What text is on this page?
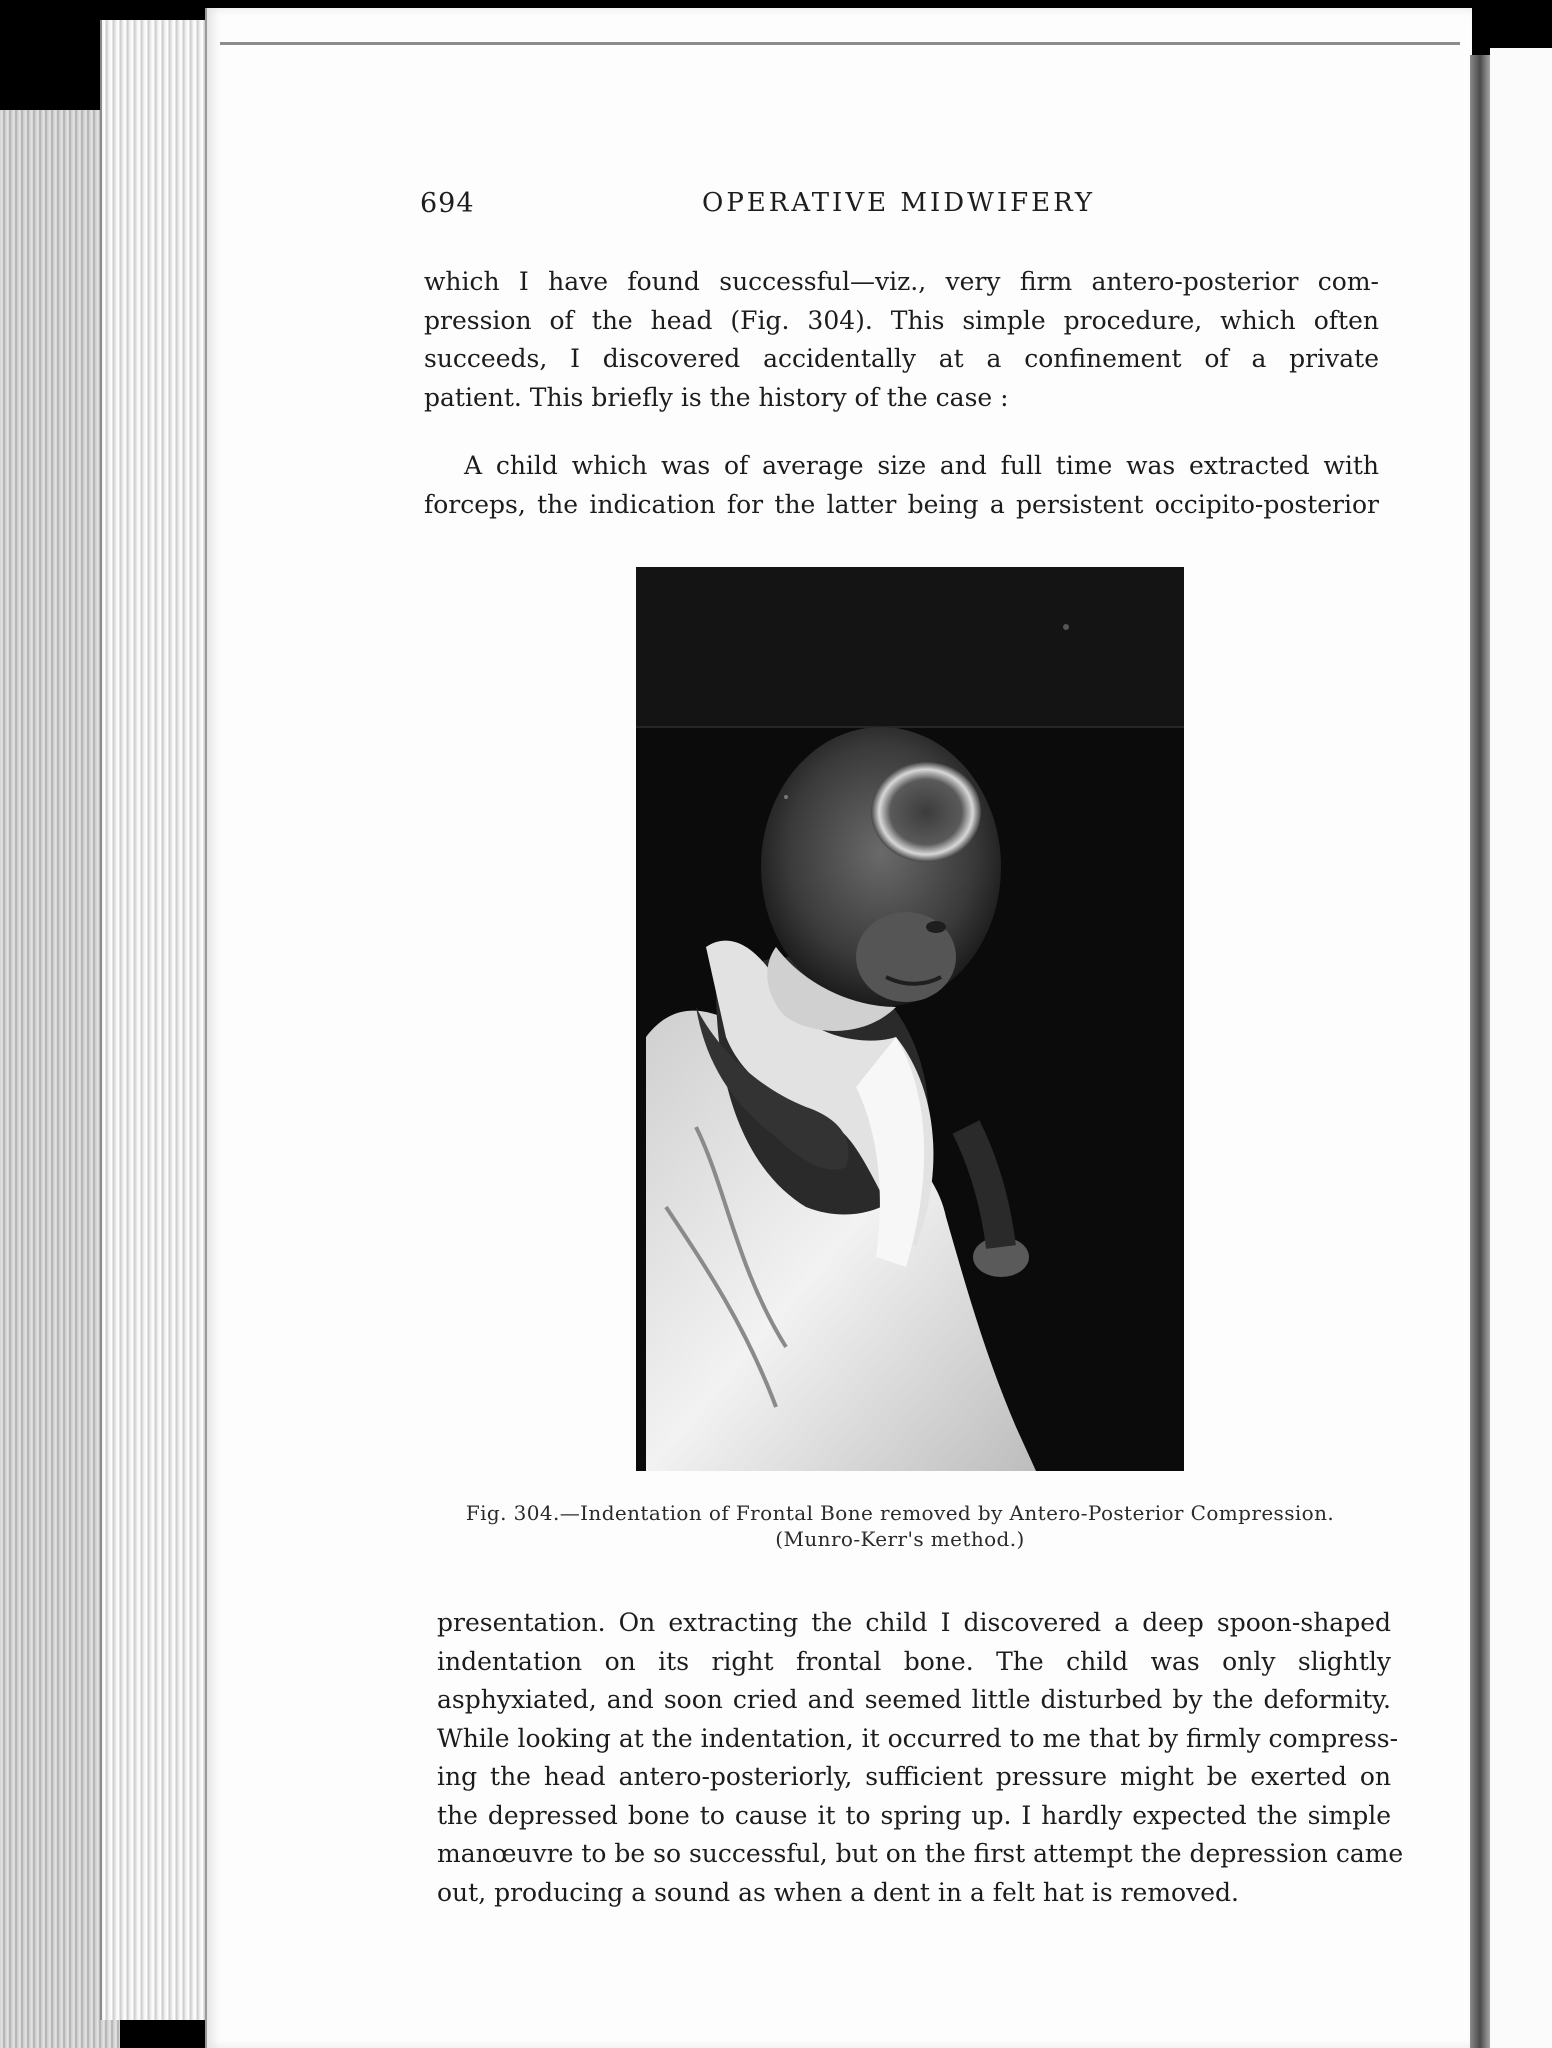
694	OPERATIVE MIDWIFERY
which I have found successful—viz., very firm antero-posterior com-
pression of the head (Fig. 304). This simple procedure, which often
succeeds, I discovered accidentally at a confinement of a private
patient. This briefly is the history of the case :
A child which was of average size and full time was extracted with
forceps, the indication for the latter being a persistent occipito-posterior
Fig. 304.—Indentation of Frontal Bone removed by Antero-Posterior Compression.
(Munro-Kerr's method.)
presentation. On extracting the child I discovered a deep spoon-shaped
indentation on its right frontal bone. The child was only slightly
asphyxiated, and soon cried and seemed little disturbed by the deformity.
While looking at the indentation, it occurred to me that by firmly compress-
ing the head antero-posteriorly, sufficient pressure might be exerted on
the depressed bone to cause it to spring up. I hardly expected the simple
manœuvre to be so successful, but on the first attempt the depression came
out, producing a sound as when a dent in a felt hat is removed.
